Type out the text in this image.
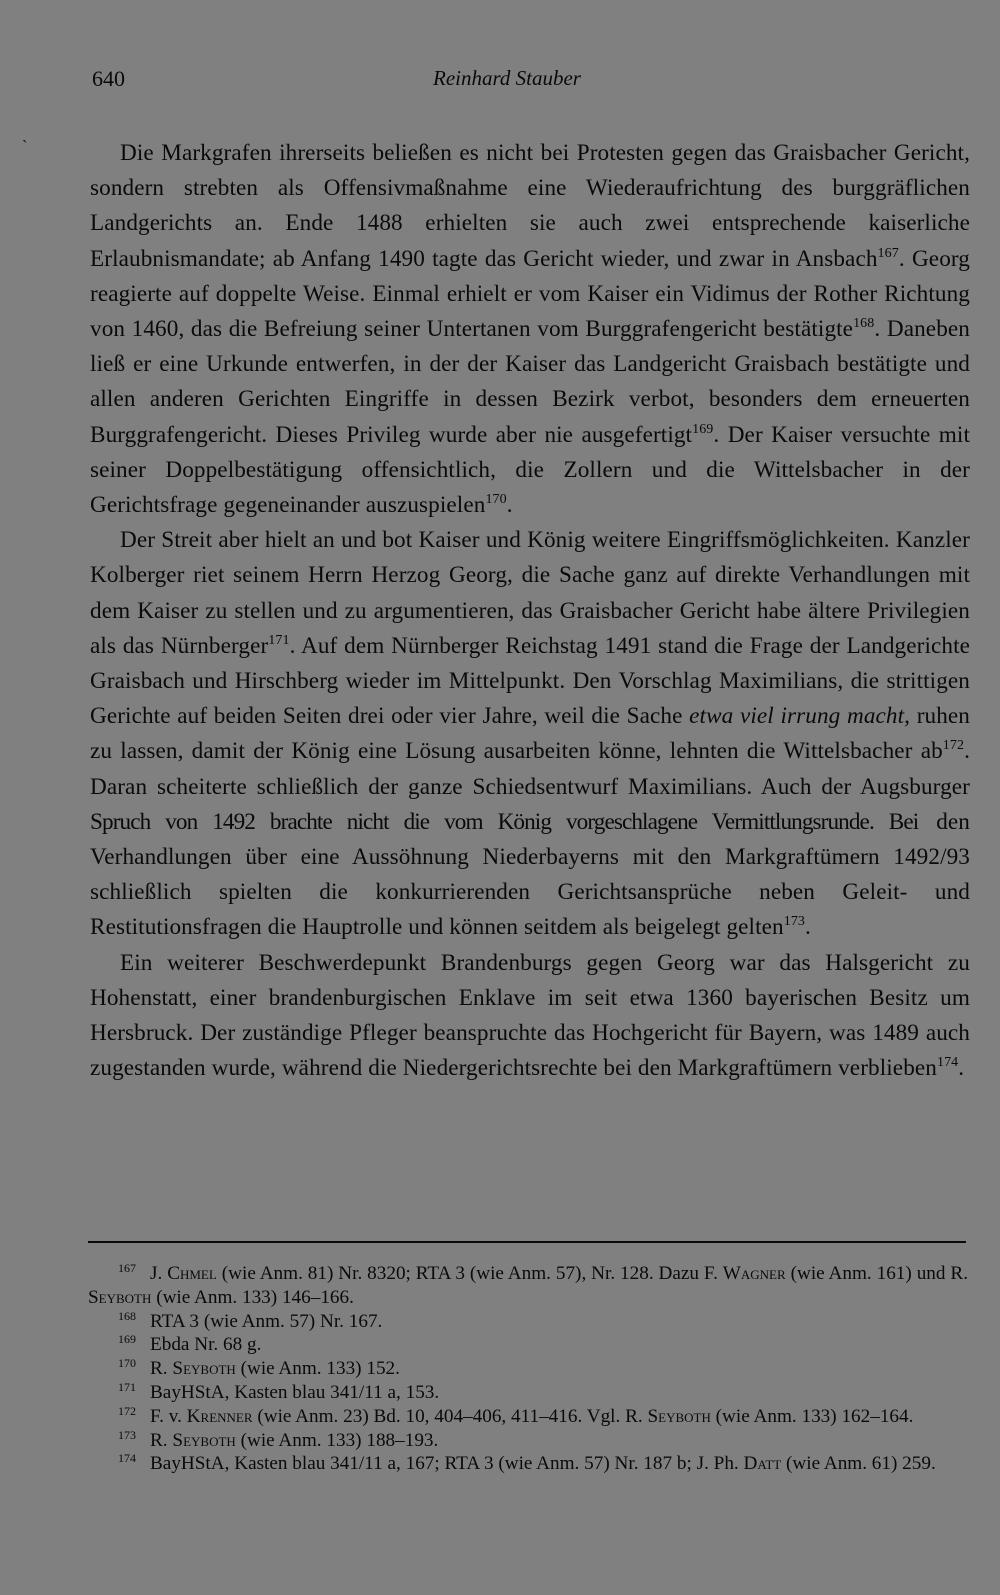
`
640	Reinhard Stauber

Die Markgrafen ihrerseits beließen es nicht bei Protesten gegen das Graisbacher Gericht, sondern strebten als Offensivmaßnahme eine Wiederaufrichtung des burggräflichen Landgerichts an. Ende 1488 erhielten sie auch zwei entsprechende kaiserliche Erlaubnismandate; ab Anfang 1490 tagte das Gericht wieder, und zwar in Ansbach$^{167}$. Georg reagierte auf doppelte Weise. Einmal erhielt er vom Kaiser ein Vidimus der Rother Richtung von 1460, das die Befreiung seiner Untertanen vom Burggrafengericht bestätigte$^{168}$. Daneben ließ er eine Urkunde entwerfen, in der der Kaiser das Landgericht Graisbach bestätigte und allen anderen Gerichten Eingriffe in dessen Bezirk verbot, besonders dem erneuerten Burggrafengericht. Dieses Privileg wurde aber nie ausgefertigt$^{169}$. Der Kaiser versuchte mit seiner Doppelbestätigung offensichtlich, die Zollern und die Wittelsbacher in der Gerichtsfrage gegeneinander auszuspielen$^{170}$.

Der Streit aber hielt an und bot Kaiser und König weitere Eingriffsmöglichkeiten. Kanzler Kolberger riet seinem Herrn Herzog Georg, die Sache ganz auf direkte Verhandlungen mit dem Kaiser zu stellen und zu argumentieren, das Graisbacher Gericht habe ältere Privilegien als das Nürnberger$^{171}$. Auf dem Nürnberger Reichstag 1491 stand die Frage der Landgerichte Graisbach und Hirschberg wieder im Mittelpunkt. Den Vorschlag Maximilians, die strittigen Gerichte auf beiden Seiten drei oder vier Jahre, weil die Sache etwa viel irrung macht, ruhen zu lassen, damit der König eine Lösung ausarbeiten könne, lehnten die Wittelsbacher $ab^{172}$. Daran scheiterte schließlich der ganze Schiedsentwurf Maximilians. Auch der Augsburger Spruch von 1492 brachte nicht die vom König vorgeschlagene Vermittlungsrunde. Bei den Verhandlungen über eine Aussöhnung Niederbayerns mit den Markgraftümern 1492/93 schließlich spielten die konkurrierenden Gerichtsansprüche neben Geleit- und Restitutionsfragen die Hauptrolle und können seitdem als beigelegt gelten$^{173}$.

Ein weiterer Beschwerdepunkt Brandenburgs gegen Georg war das Halsgericht zu Hohenstatt, einer brandenburgischen Enklave im seit etwa 1360 bayerischen Besitz um Hersbruck. Der zuständige Pfleger beanspruchte das Hochgericht für Bayern, was 1489 auch zugestanden wurde, während die Niedergerichtsrechte bei den Markgraftümern verblieben$^{174}$.

$^{167}$ J. Chmel (wie Anm. 81) Nr. 8320; RTA 3 (wie Anm. 57), Nr. 128. Dazu F. Wagner (wie Anm. 161) und R. Seyboth (wie Anm. 133) 146–166.

$^{168}$ RTA 3 (wie Anm. 57) Nr. 167.

$^{169}$ Ebda Nr. 68 g.

$^{170}$ R. Seyboth (wie Anm. 133) 152.

$^{171}$ BayHStA, Kasten blau 341/11 a, 153.

$^{172}$ F. v. Krenner (wie Anm. 23) Bd. 10, 404–406, 411–416. Vgl. R. Seyboth (wie Anm. 133) 162–164.

$^{173}$ R. Seyboth (wie Anm. 133) 188–193.

$^{174}$ BayHStA, Kasten blau 341/11 a, 167; RTA 3 (wie Anm. 57) Nr. 187 b; J. Ph. Datt (wie Anm. 61) 259.
